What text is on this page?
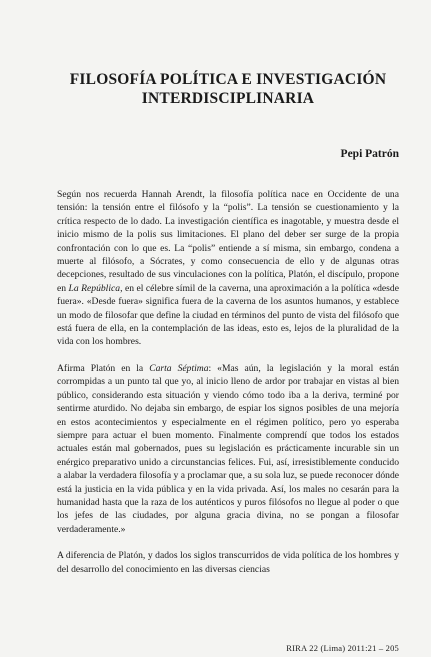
FILOSOFÍA POLÍTICA E INVESTIGACIÓN
INTERDISCIPLINARIA
Pepi Patrón

Según nos recuerda Hannah Arendt, la filosofía política nace en Occidente de una tensión: la tensión entre el filósofo y la “polis”. La tensión se cuestionamiento y la crítica respecto de lo dado. La investigación científica es inagotable, y muestra desde el inicio mismo de la polis sus limitaciones. El plano del deber ser surge de la propia confrontación con lo que es. La “polis” entiende a sí misma, sin embargo, condena a muerte al filósofo, a Sócrates, y como consecuencia de ello y de algunas otras decepciones, resultado de sus vinculaciones con la política, Platón, el discípulo, propone en La República, en el célebre símil de la caverna, una aproximación a la política «desde fuera». «Desde fuera» significa fuera de la caverna de los asuntos humanos, y establece un modo de filosofar que define la ciudad en términos del punto de vista del filósofo que está fuera de ella, en la contemplación de las ideas, esto es, lejos de la pluralidad de la vida con los hombres.

Afirma Platón en la Carta Séptima: «Mas aún, la legislación y la moral están corrompidas a un punto tal que yo, al inicio lleno de ardor por trabajar en vistas al bien público, considerando esta situación y viendo cómo todo iba a la deriva, terminé por sentirme aturdido. No dejaba sin embargo, de espiar los signos posibles de una mejoría en estos acontecimientos y especialmente en el régimen político, pero yo esperaba siempre para actuar el buen momento. Finalmente comprendí que todos los estados actuales están mal gobernados, pues su legislación es prácticamente incurable sin un enérgico preparativo unido a circunstancias felices. Fui, así, irresistiblemente conducido a alabar la verdadera filosofía y a proclamar que, a su sola luz, se puede reconocer dónde está la justicia en la vida pública y en la vida privada. Así, los males no cesarán para la humanidad hasta que la raza de los auténticos y puros filósofos no llegue al poder o que los jefes de las ciudades, por alguna gracia divina, no se pongan a filosofar verdaderamente.»

A diferencia de Platón, y dados los siglos transcurridos de vida política de los hombres y del desarrollo del conocimiento en las diversas ciencias

RIRA 22 (Lima) 2011:21 – 205
